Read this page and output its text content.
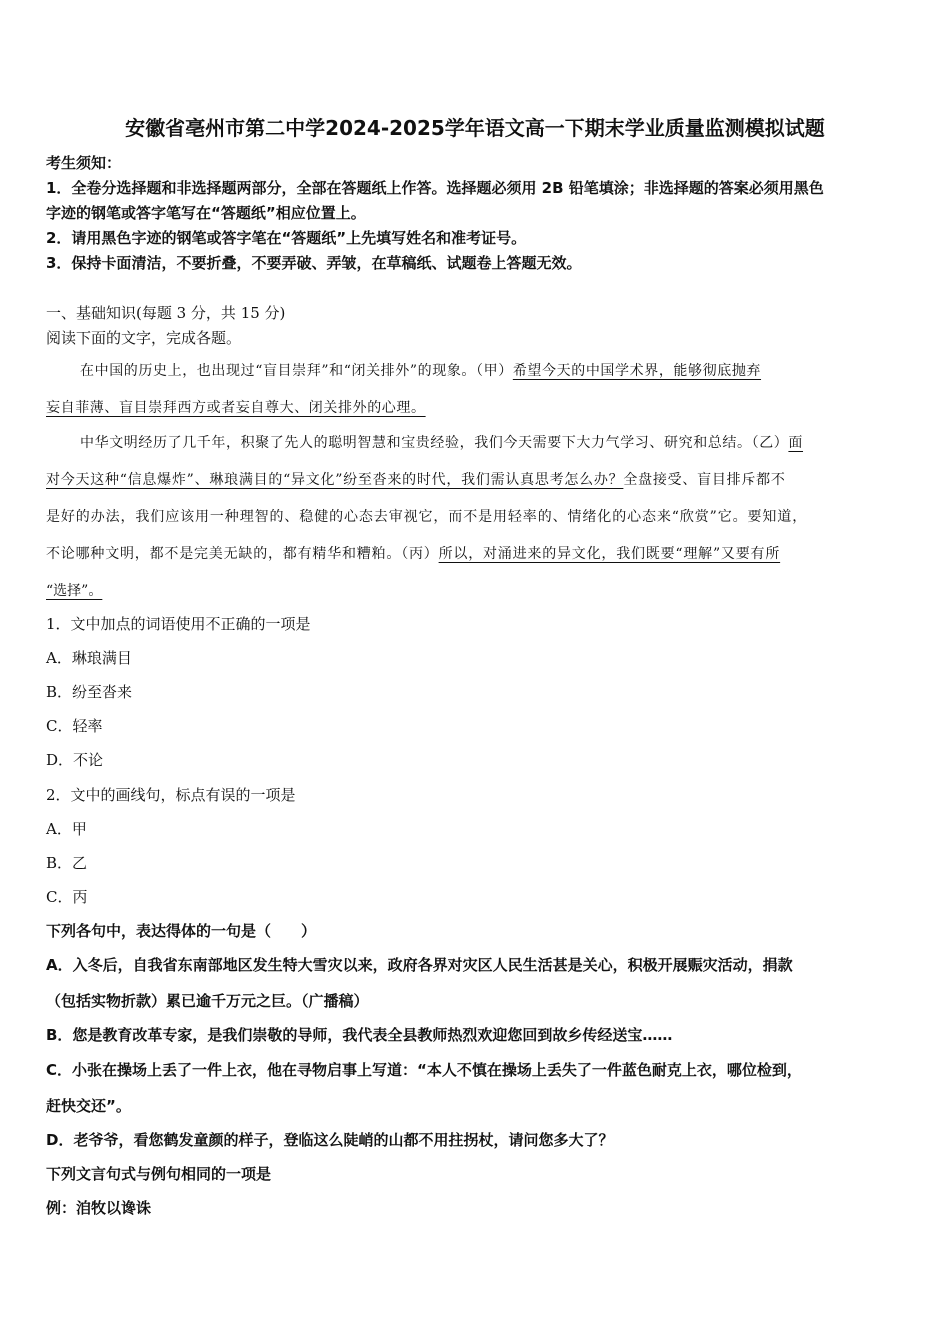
安徽省亳州市第二中学2024-2025学年语文高一下期末学业质量监测模拟试题
考生须知：
1．全卷分选择题和非选择题两部分，全部在答题纸上作答。选择题必须用 2B 铅笔填涂；非选择题的答案必须用黑色
字迹的钢笔或答字笔写在“答题纸”相应位置上。
2．请用黑色字迹的钢笔或答字笔在“答题纸”上先填写姓名和准考证号。
3．保持卡面清洁，不要折叠，不要弄破、弄皱，在草稿纸、试题卷上答题无效。
一、基础知识(每题 3 分，共 15 分)
阅读下面的文字，完成各题。
在中国的历史上，也出现过“盲目崇拜”和“闭关排外”的现象。（甲）希望今天的中国学术界，能够彻底抛弃
妄自菲薄、盲目崇拜西方或者妄自尊大、闭关排外的心理。
中华文明经历了几千年，积聚了先人的聪明智慧和宝贵经验，我们今天需要下大力气学习、研究和总结。（乙）面
对今天这种“信息爆炸”、琳琅满目的“异文化”纷至沓来的时代，我们需认真思考怎么办？全盘接受、盲目排斥都不
是好的办法，我们应该用一种理智的、稳健的心态去审视它，而不是用轻率的、情绪化的心态来“欣赏”它。要知道，
不论哪种文明，都不是完美无缺的，都有精华和糟粕。（丙）所以，对涌进来的异文化，我们既要“理解”又要有所
“选择”。
1．文中加点的词语使用不正确的一项是
A．琳琅满目
B．纷至沓来
C．轻率
D．不论
2．文中的画线句，标点有误的一项是
A．甲
B．乙
C．丙
下列各句中，表达得体的一句是（　　）
A．入冬后，自我省东南部地区发生特大雪灾以来，政府各界对灾区人民生活甚是关心，积极开展赈灾活动，捐款
（包括实物折款）累已逾千万元之巨。（广播稿）
B．您是教育改革专家，是我们崇敬的导师，我代表全县教师热烈欢迎您回到故乡传经送宝……
C．小张在操场上丢了一件上衣，他在寻物启事上写道：“本人不慎在操场上丢失了一件蓝色耐克上衣，哪位检到，
赶快交还”。
D．老爷爷，看您鹤发童颜的样子，登临这么陡峭的山都不用拄拐杖，请问您多大了？
下列文言句式与例句相同的一项是
例：洎牧以谗诛
